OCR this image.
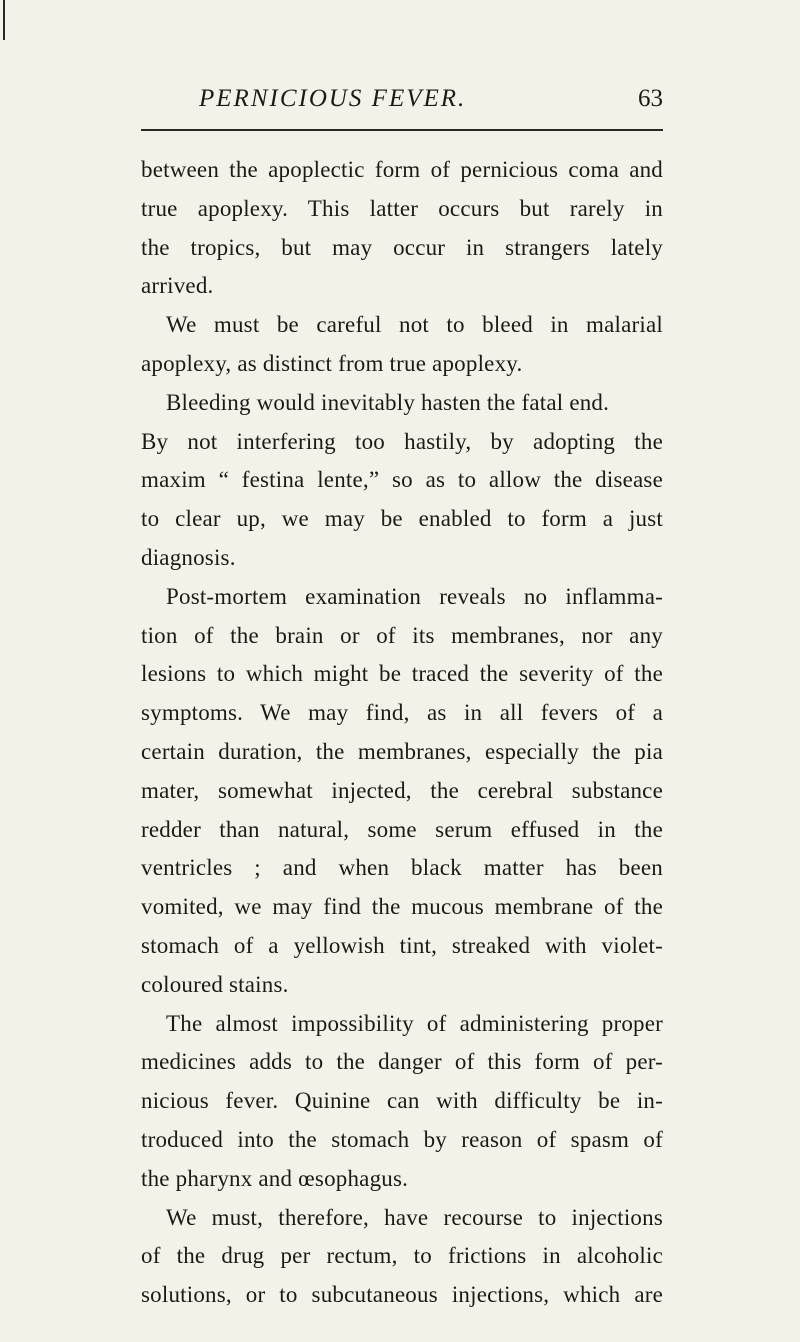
PERNICIOUS FEVER.	63
between the apoplectic form of pernicious coma and
true apoplexy. This latter occurs but rarely in
the tropics, but may occur in strangers lately
arrived.
We must be careful not to bleed in malarial
apoplexy, as distinct from true apoplexy.
Bleeding would inevitably hasten the fatal end.
By not interfering too hastily, by adopting the
maxim “ festina lente,” so as to allow the disease
to clear up, we may be enabled to form a just
diagnosis.
Post-mortem examination reveals no inflamma-
tion of the brain or of its membranes, nor any
lesions to which might be traced the severity of the
symptoms. We may find, as in all fevers of a
certain duration, the membranes, especially the pia
mater, somewhat injected, the cerebral substance
redder than natural, some serum effused in the
ventricles ; and when black matter has been
vomited, we may find the mucous membrane of the
stomach of a yellowish tint, streaked with violet-
coloured stains.
The almost impossibility of administering proper
medicines adds to the danger of this form of per-
nicious fever. Quinine can with difficulty be in-
troduced into the stomach by reason of spasm of
the pharynx and œsophagus.
We must, therefore, have recourse to injections
of the drug per rectum, to frictions in alcoholic
solutions, or to subcutaneous injections, which are
